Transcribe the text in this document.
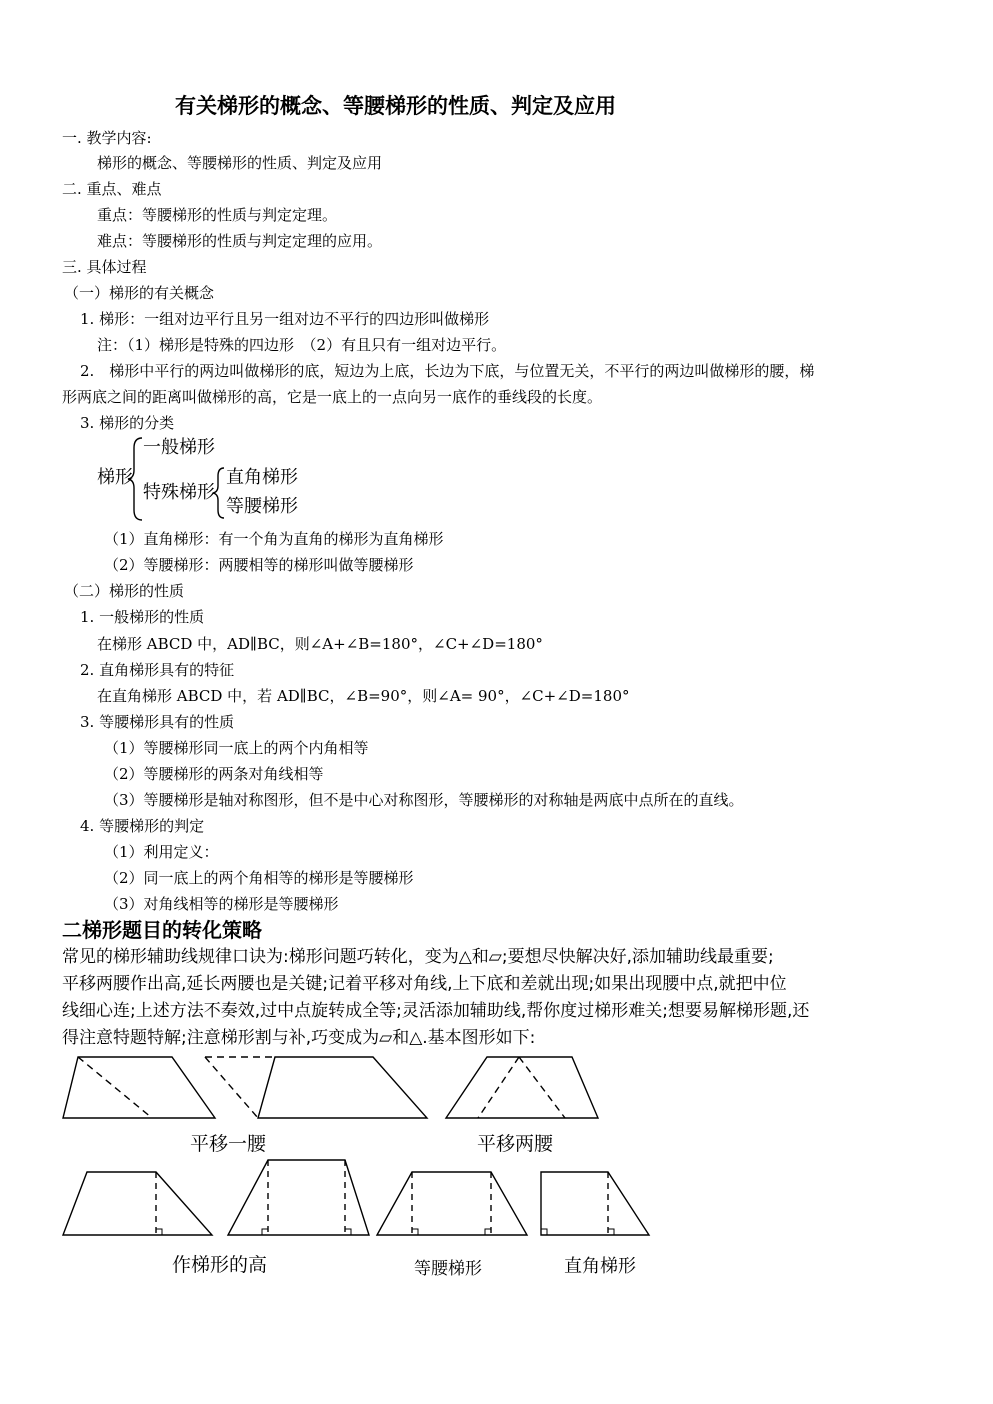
有关梯形的概念、等腰梯形的性质、判定及应用
一. 教学内容:
梯形的概念、等腰梯形的性质、判定及应用
二. 重点、难点
重点：等腰梯形的性质与判定定理。
难点：等腰梯形的性质与判定定理的应用。
三. 具体过程
（一）梯形的有关概念
1. 梯形：一组对边平行且另一组对边不平行的四边形叫做梯形
注：（1）梯形是特殊的四边形　（2）有且只有一组对边平行。
2.　梯形中平行的两边叫做梯形的底，短边为上底，长边为下底，与位置无关，不平行的两边叫做梯形的腰，梯
形两底之间的距离叫做梯形的高，它是一底上的一点向另一底作的垂线段的长度。
3. 梯形的分类
梯形
一般梯形
特殊梯形
直角梯形
等腰梯形
（1）直角梯形：有一个角为直角的梯形为直角梯形
（2）等腰梯形：两腰相等的梯形叫做等腰梯形
（二）梯形的性质
1. 一般梯形的性质
在梯形 ABCD 中，AD∥BC，则∠A+∠B=180°，∠C+∠D=180°
2. 直角梯形具有的特征
在直角梯形 ABCD 中，若 AD∥BC，∠B=90°，则∠A= 90°，∠C+∠D=180°
3. 等腰梯形具有的性质
（1）等腰梯形同一底上的两个内角相等
（2）等腰梯形的两条对角线相等
（3）等腰梯形是轴对称图形，但不是中心对称图形，等腰梯形的对称轴是两底中点所在的直线。
4. 等腰梯形的判定
（1）利用定义：
（2）同一底上的两个角相等的梯形是等腰梯形
（3）对角线相等的梯形是等腰梯形
二梯形题目的转化策略
常见的梯形辅助线规律口诀为:梯形问题巧转化，变为△和▱;要想尽快解决好,添加辅助线最重要;
平移两腰作出高,延长两腰也是关键;记着平移对角线,上下底和差就出现;如果出现腰中点,就把中位
线细心连;上述方法不奏效,过中点旋转成全等;灵活添加辅助线,帮你度过梯形难关;想要易解梯形题,还
得注意特题特解;注意梯形割与补,巧变成为▱和△.基本图形如下:
平移一腰	平移两腰
作梯形的高	等腰梯形	直角梯形
